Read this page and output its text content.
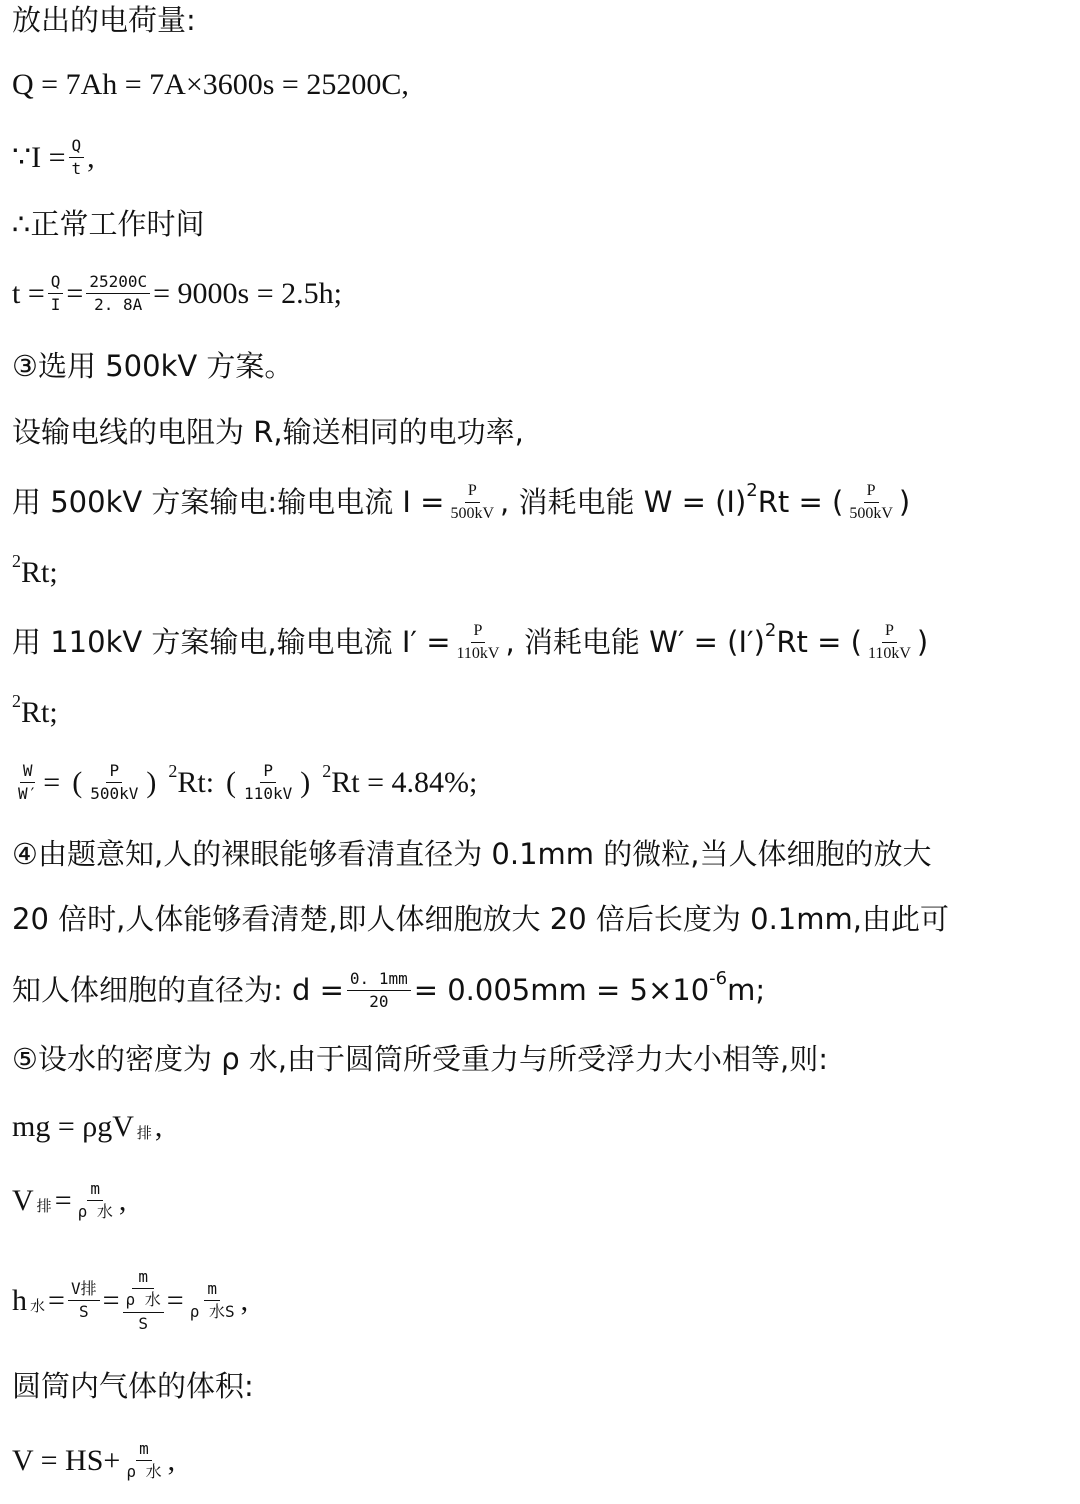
放出的电荷量:
Q = 7Ah = 7A×3600s = 25200C,
∵I = $\frac{Q}{t}$ ,
∴正常工作时间
$t = \frac{Q}{I} = \frac{25200C}{2. 8A} = 9000s = 2.5h$;
③选用 500kV 方案。
设输电线的电阻为 R,输送相同的电功率,
用 500kV 方案输电:输电电流 $I = \frac{P}{500kV}$ , 消耗电能 W = (I) 2 Rt = ( $\frac{P}{500kV}$ )
2 Rt;
用 110kV 方案输电,输电电流 $I' = \frac{P}{110kV}$ , 消耗电能 W′ = (I′) 2 Rt = ( $\frac{P}{110kV}$ )
2 Rt;
$\frac{W}{W'}$ = ( $\frac{P}{500kV}$ ) 2 Rt: ( $\frac{P}{110kV}$ ) 2 Rt = 4.84%;
④由题意知,人的裸眼能够看清直径为 0.1mm 的微粒,当人体细胞的放大
20 倍时,人体能够看清楚,即人体细胞放大 20 倍后长度为 0.1mm,由此可
知人体细胞的直径为: $d = \frac{0. 1mm}{20} = 0.005mm = 5\times 10$ -6 m;
⑤设水的密度为 ρ 水,由于圆筒所受重力与所受浮力大小相等,则:
mg = ρgV 排 ,
V 排 = $\frac{m}{\text{ρ 水}}$ ,
h 水 = $\frac{\text{V排}}{S} = m$
ρ 水
$S = \frac{m}{\text{ρ 水S}}$ ,
圆筒内气体的体积:
$V = HS+ \frac{m}{\text{ρ 水}}$ ,
